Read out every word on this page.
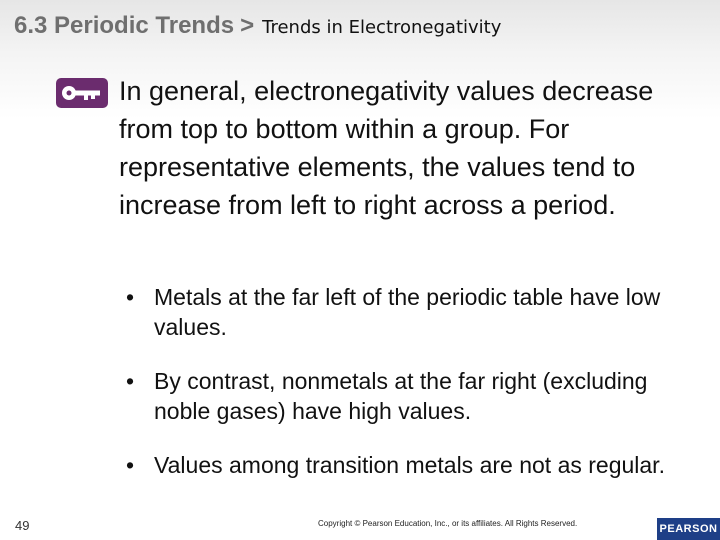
6.3 Periodic Trends > Trends in Electronegativity

In general, electronegativity values decrease from top to bottom within a group. For representative elements, the values tend to increase from left to right across a period.

• Metals at the far left of the periodic table have low values.
• By contrast, nonmetals at the far right (excluding noble gases) have high values.
• Values among transition metals are not as regular.
49	Copyright © Pearson Education, Inc., or its affiliates. All Rights Reserved.	PEARSON
